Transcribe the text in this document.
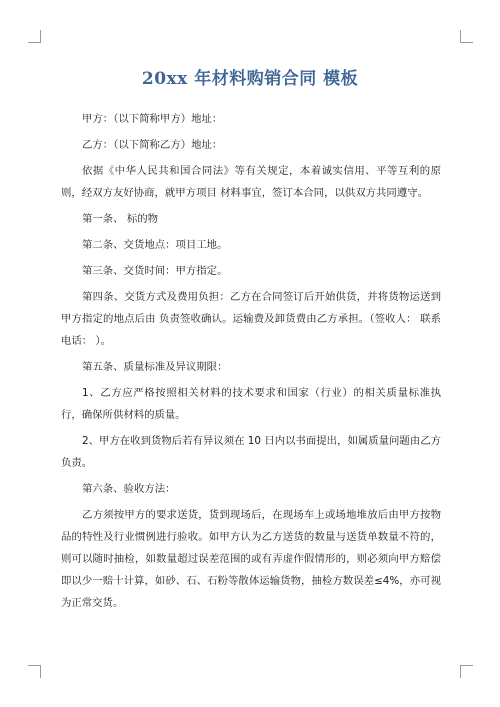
20xx 年材料购销合同 模板

甲方：（以下简称甲方）地址：

乙方：（以下简称乙方）地址：

依据《中华人民共和国合同法》等有关规定，本着诚实信用、平等互利的原则，经双方友好协商，就甲方项目 材料事宜，签订本合同，以供双方共同遵守。

第一条、 标的物

第二条、交货地点：项目工地。

第三条、交货时间：甲方指定。

第四条、交货方式及费用负担：乙方在合同签订后开始供货，并将货物运送到甲方指定的地点后由 负责签收确认。运输费及卸货费由乙方承担。（签收人： 联系电话： ）。

第五条、质量标准及异议期限：

1、乙方应严格按照相关材料的技术要求和国家（行业）的相关质量标准执行，确保所供材料的质量。

2、甲方在收到货物后若有异议须在 10 日内以书面提出，如属质量问题由乙方负责。

第六条、验收方法：

乙方须按甲方的要求送货，货到现场后，在现场车上或场地堆放后由甲方按物品的特性及行业惯例进行验收。如甲方认为乙方送货的数量与送货单数量不符的，则可以随时抽检，如数量超过误差范围的或有弄虚作假情形的，则必须向甲方赔偿即以少一赔十计算，如砂、石、石粉等散体运输货物，抽检方数误差≤4%，亦可视为正常交货。
